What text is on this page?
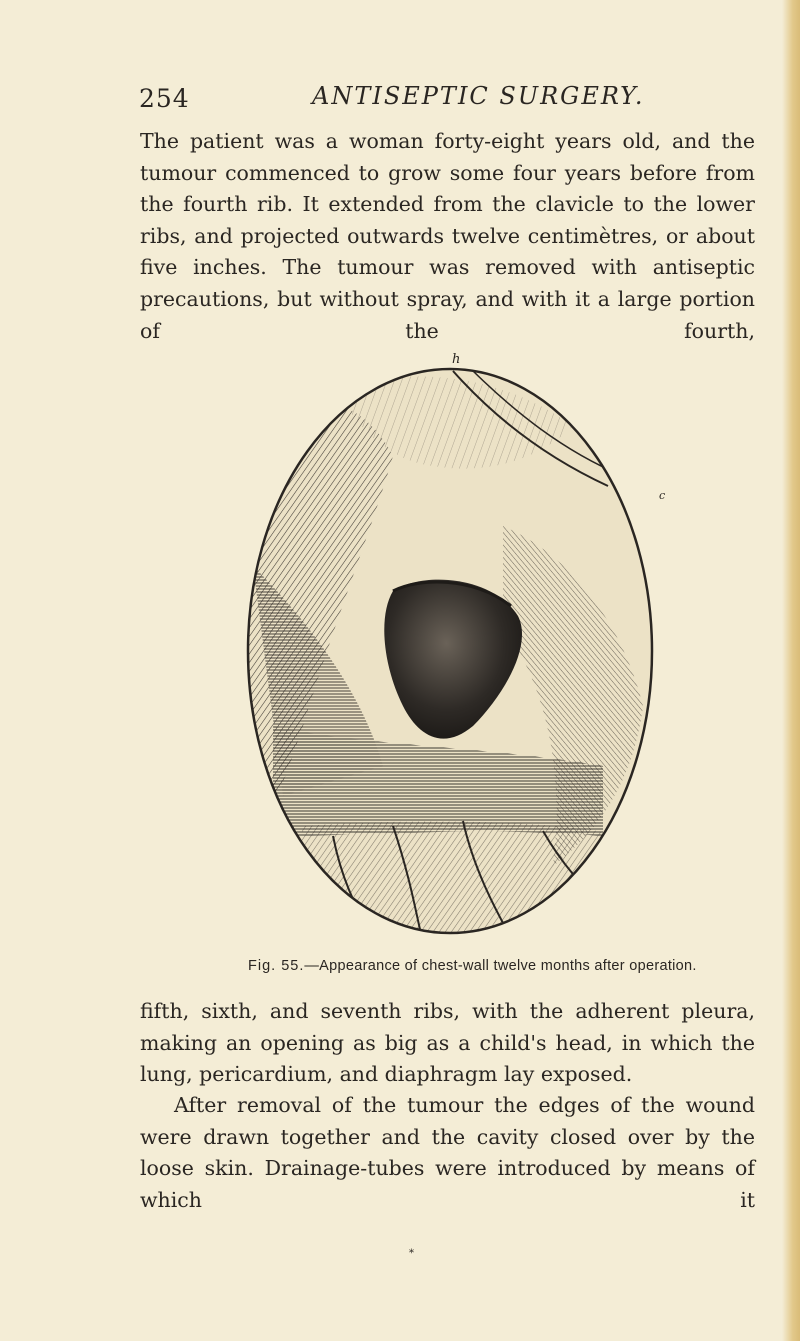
254	ANTISEPTIC SURGERY.

The patient was a woman forty-eight years old, and the tumour commenced to grow some four years before from the fourth rib. It extended from the clavicle to the lower ribs, and projected outwards twelve centimètres, or about five inches. The tumour was removed with antiseptic precautions, but without spray, and with it a large portion of the fourth,

h
c
Fig. 55.—Appearance of chest-wall twelve months after operation.

fifth, sixth, and seventh ribs, with the adherent pleura, making an opening as big as a child's head, in which the
lung, pericardium, and diaphragm lay exposed.

After removal of the tumour the edges of the wound were drawn together and the cavity closed over by the loose skin. Drainage-tubes were introduced by means of which it

*
